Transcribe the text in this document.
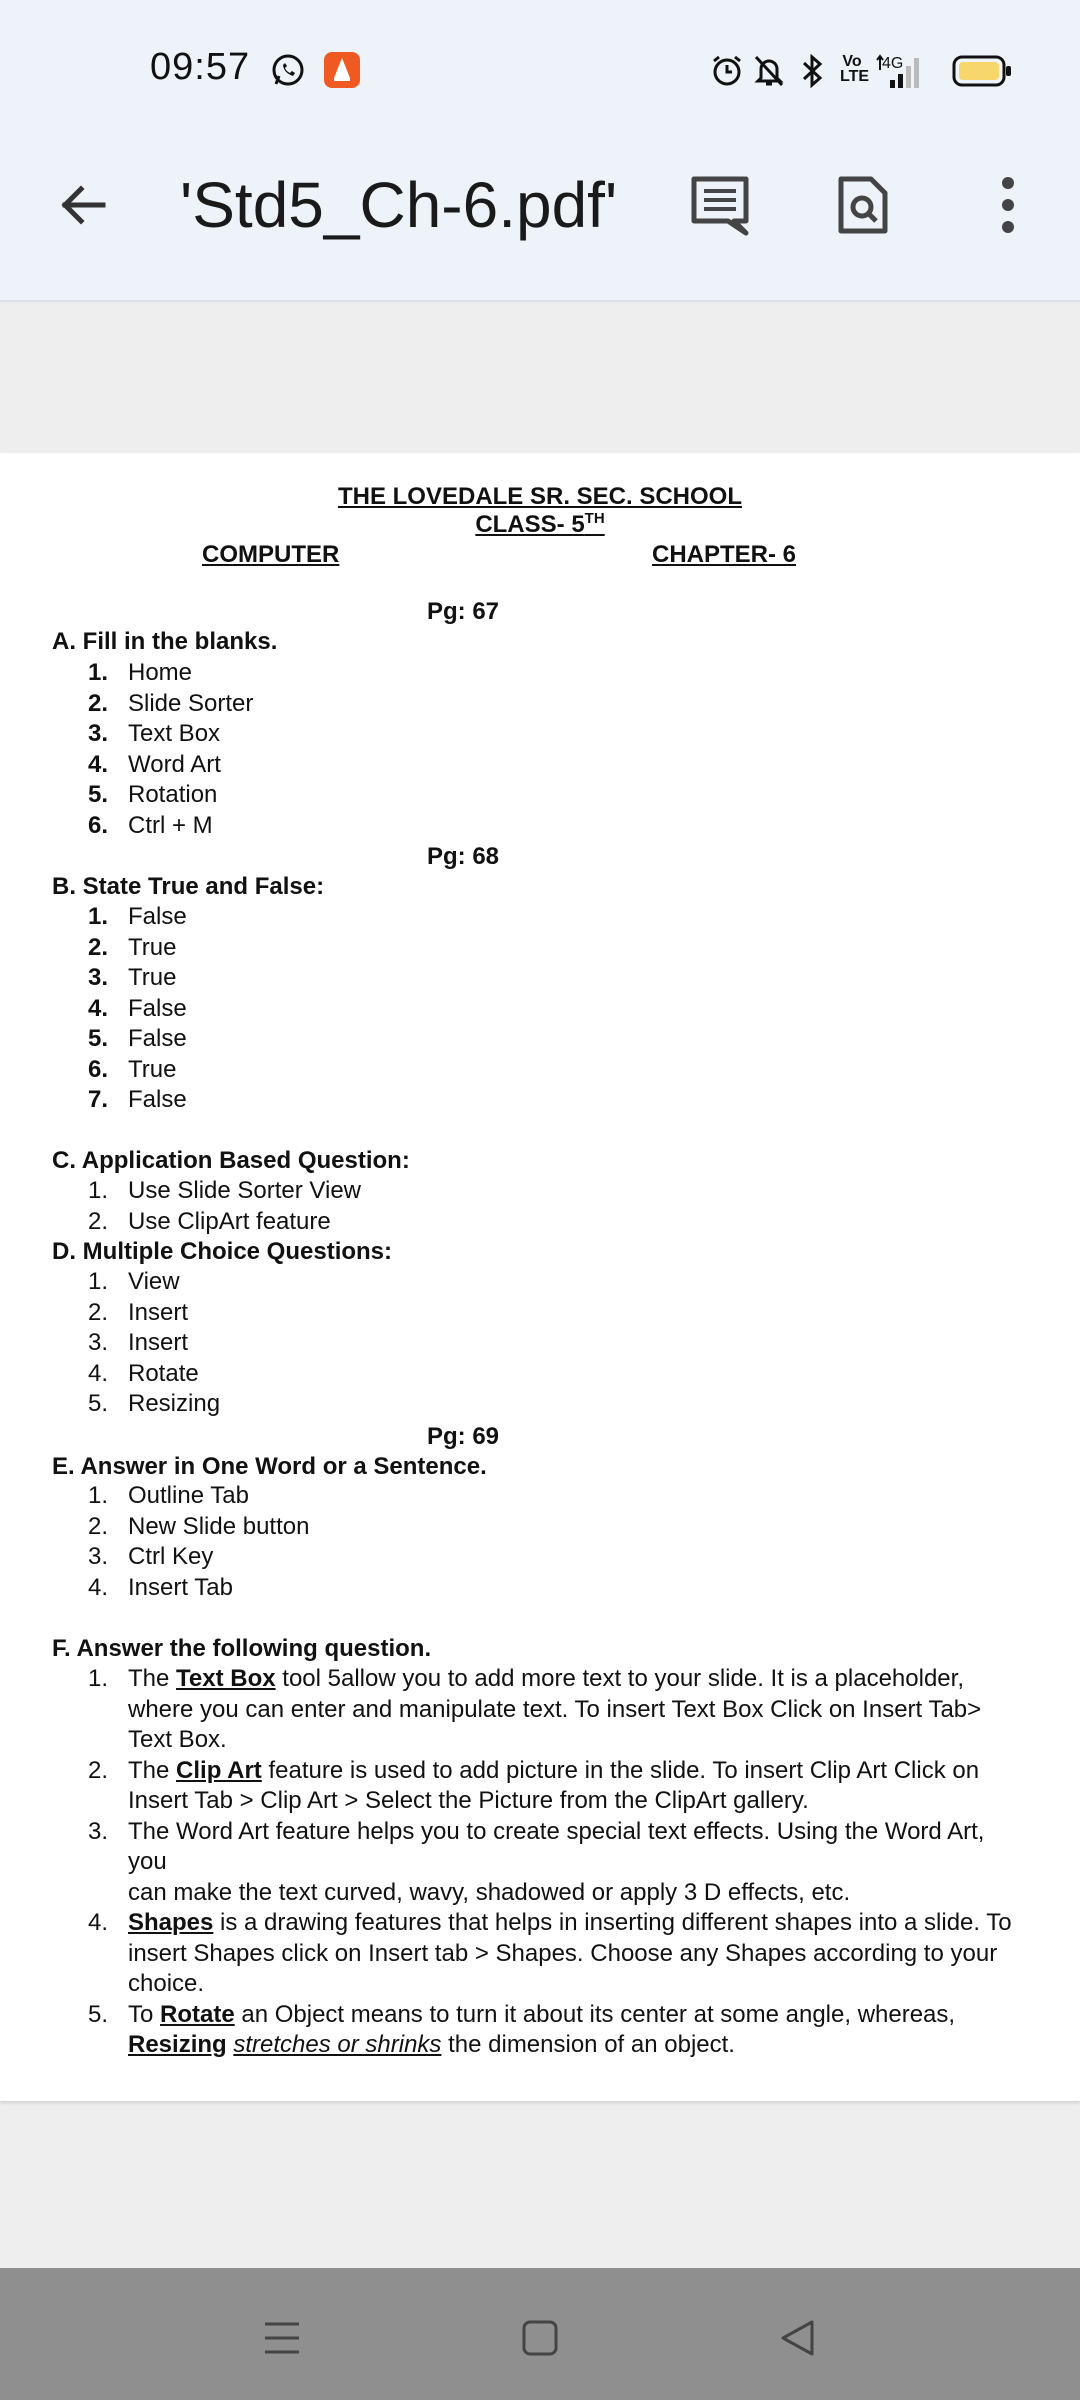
09:57	Vo LTE
4G
'Std5_Ch-6.pdf'
THE LOVEDALE SR. SEC. SCHOOL
CLASS- 5TH
COMPUTER	CHAPTER- 6
Pg: 67
A. Fill in the blanks.
1. Home
2. Slide Sorter
3. Text Box
4. Word Art
5. Rotation
6. Ctrl + M
Pg: 68
B. State True and False:
1. False
2. True
3. True
4. False
5. False
6. True
7. False
C. Application Based Question:
1. Use Slide Sorter View
2. Use ClipArt feature
D. Multiple Choice Questions:
1. View
2. Insert
3. Insert
4. Rotate
5. Resizing
Pg: 69
E. Answer in One Word or a Sentence.
1. Outline Tab
2. New Slide button
3. Ctrl Key
4. Insert Tab
F. Answer the following question.
1. The Text Box tool 5allow you to add more text to your slide. It is a placeholder, where you can enter and manipulate text. To insert Text Box Click on Insert Tab> Text Box.
2. The Clip Art feature is used to add picture in the slide. To insert Clip Art Click on Insert Tab > Clip Art > Select the Picture from the ClipArt gallery.
3. The Word Art feature helps you to create special text effects. Using the Word Art, you
can make the text curved, wavy, shadowed or apply 3 D effects, etc.
4. Shapes is a drawing features that helps in inserting different shapes into a slide. To insert Shapes click on Insert tab > Shapes. Choose any Shapes according to your choice.
5. To Rotate an Object means to turn it about its center at some angle, whereas, Resizing stretches or shrinks the dimension of an object.
